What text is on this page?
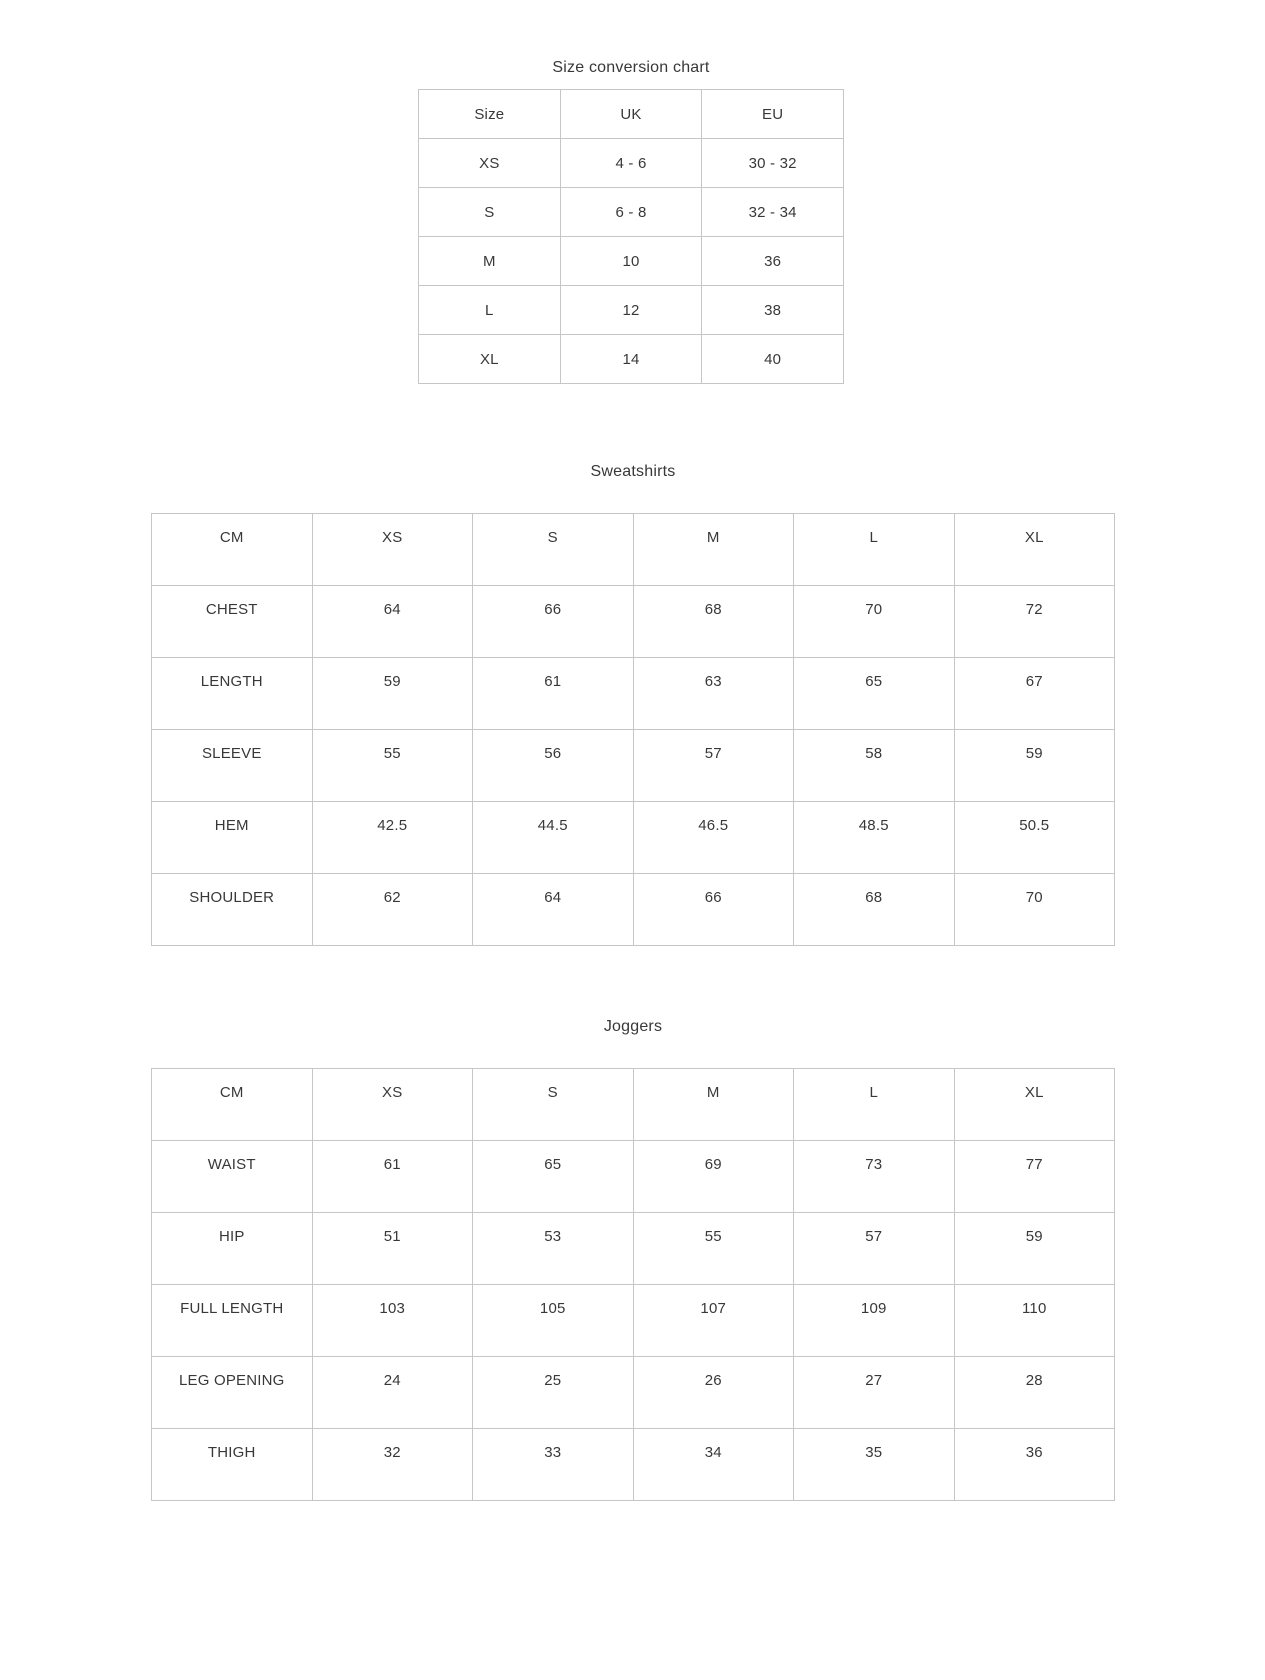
Size conversion chart
Size	UK	EU
XS	4 - 6	30 - 32
S	6 - 8	32 - 34
M	10	36
L	12	38
XL	14	40
Sweatshirts
CM	XS	S	M	L	XL
CHEST	64	66	68	70	72
LENGTH	59	61	63	65	67
SLEEVE	55	56	57	58	59
HEM	42.5	44.5	46.5	48.5	50.5
SHOULDER	62	64	66	68	70
Joggers
CM	XS	S	M	L	XL
WAIST	61	65	69	73	77
HIP	51	53	55	57	59
FULL LENGTH	103	105	107	109	110
LEG OPENING	24	25	26	27	28
THIGH	32	33	34	35	36
